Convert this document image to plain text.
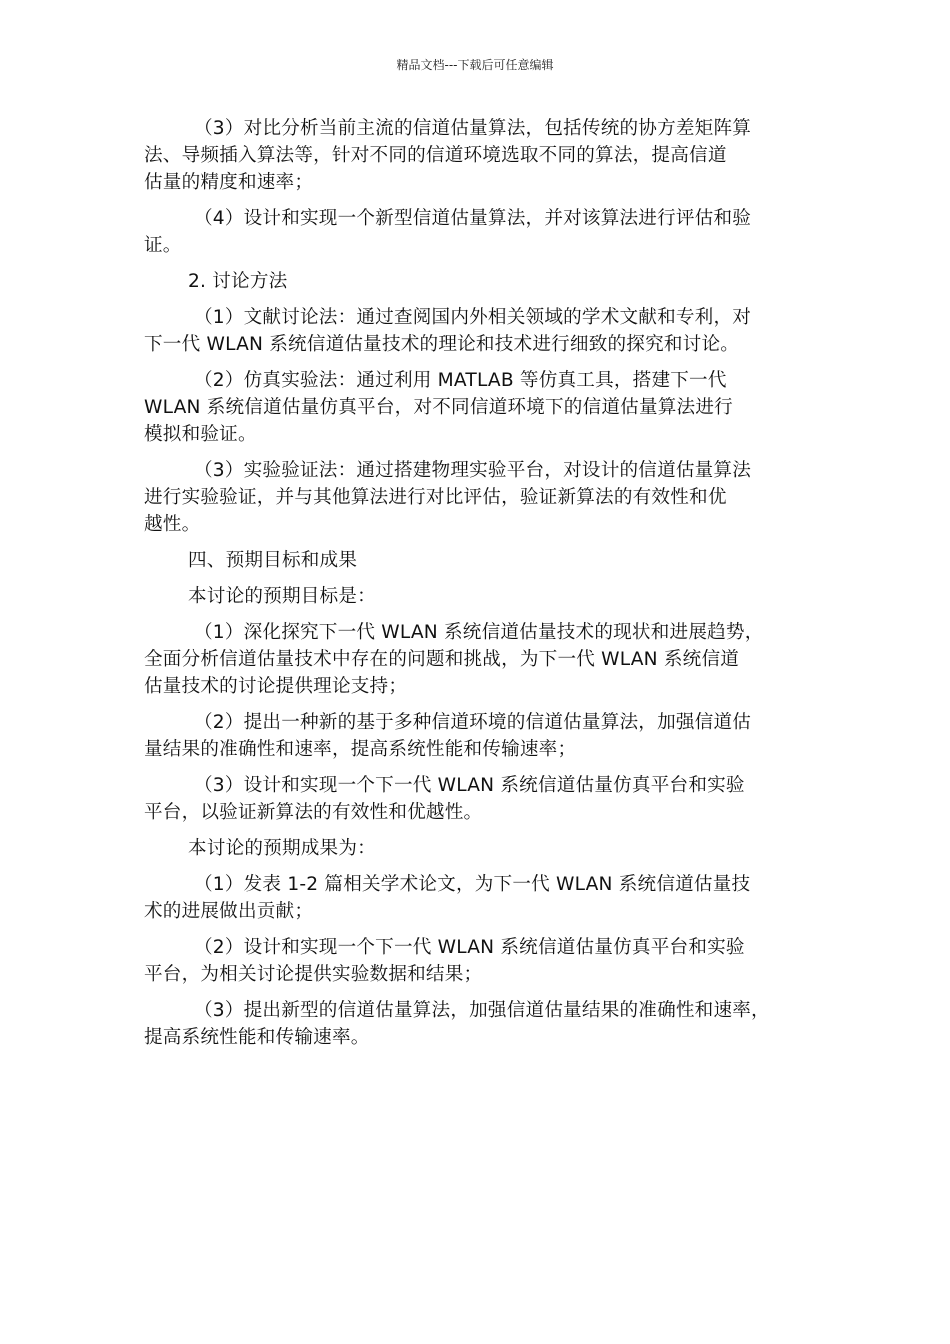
精品文档---下载后可任意编辑
（3）对比分析当前主流的信道估量算法，包括传统的协方差矩阵算
法、导频插入算法等，针对不同的信道环境选取不同的算法，提高信道
估量的精度和速率；
（4）设计和实现一个新型信道估量算法，并对该算法进行评估和验
证。
2. 讨论方法
（1）文献讨论法：通过查阅国内外相关领域的学术文献和专利，对
下一代 WLAN 系统信道估量技术的理论和技术进行细致的探究和讨论。
（2）仿真实验法：通过利用 MATLAB 等仿真工具，搭建下一代
WLAN 系统信道估量仿真平台，对不同信道环境下的信道估量算法进行
模拟和验证。
（3）实验验证法：通过搭建物理实验平台，对设计的信道估量算法
进行实验验证，并与其他算法进行对比评估，验证新算法的有效性和优
越性。
四、预期目标和成果
本讨论的预期目标是：
（1）深化探究下一代 WLAN 系统信道估量技术的现状和进展趋势，
全面分析信道估量技术中存在的问题和挑战，为下一代 WLAN 系统信道
估量技术的讨论提供理论支持；
（2）提出一种新的基于多种信道环境的信道估量算法，加强信道估
量结果的准确性和速率，提高系统性能和传输速率；
（3）设计和实现一个下一代 WLAN 系统信道估量仿真平台和实验
平台，以验证新算法的有效性和优越性。
本讨论的预期成果为：
（1）发表 1-2 篇相关学术论文，为下一代 WLAN 系统信道估量技
术的进展做出贡献；
（2）设计和实现一个下一代 WLAN 系统信道估量仿真平台和实验
平台，为相关讨论提供实验数据和结果；
（3）提出新型的信道估量算法，加强信道估量结果的准确性和速率，
提高系统性能和传输速率。
